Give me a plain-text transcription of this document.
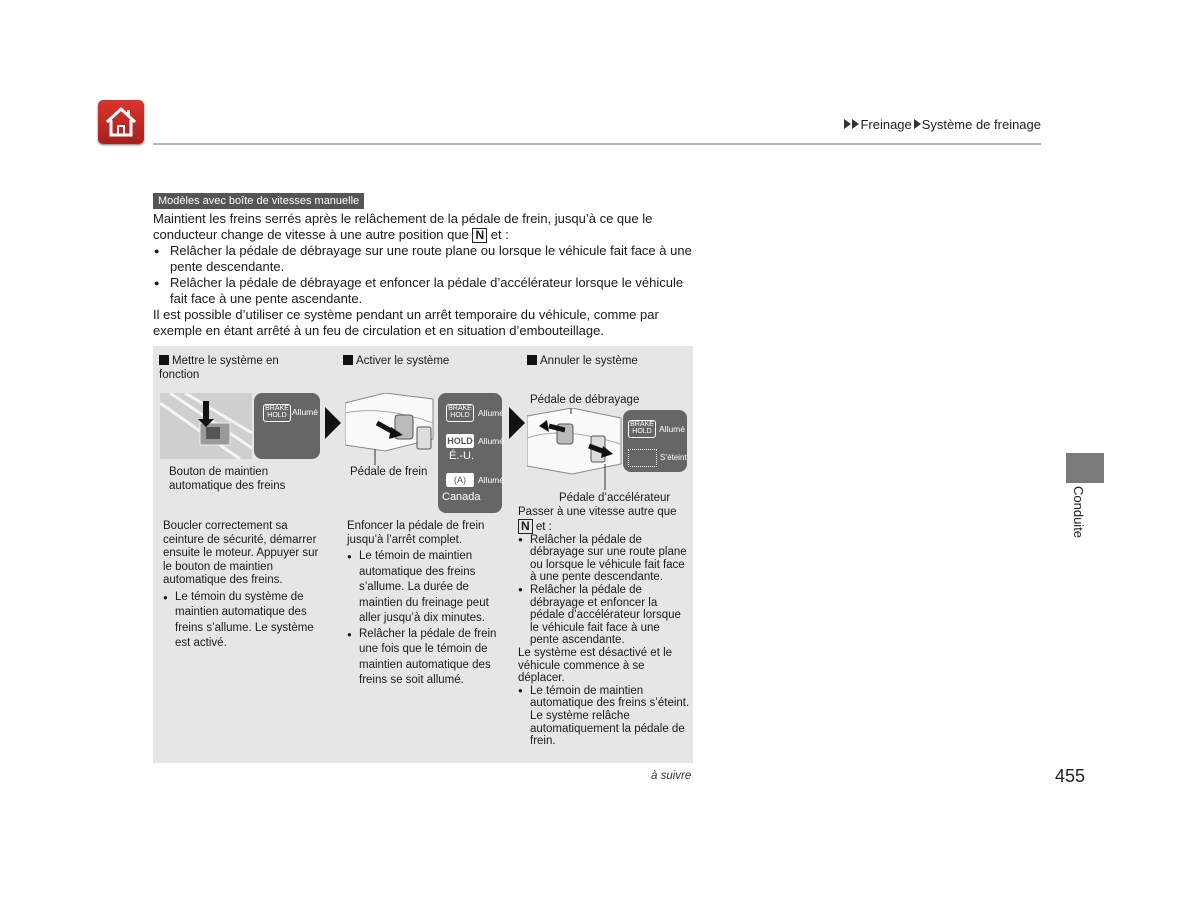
Freinage Système de freinage
Conduite
Modèles avec boîte de vitesses manuelle

Maintient les freins serrés après le relâchement de la pédale de frein, jusqu’à ce que le conducteur change de vitesse à une autre position que N et :

● Relâcher la pédale de débrayage sur une route plane ou lorsque le véhicule fait face à une pente descendante.
● Relâcher la pédale de débrayage et enfoncer la pédale d’accélérateur lorsque le véhicule fait face à une pente ascendante.

Il est possible d’utiliser ce système pendant un arrêt temporaire du véhicule, comme par exemple en étant arrêté à un feu de circulation et en situation d’embouteillage.

Mettre le système en fonction
Activer le système	Annuler le système
BRAKE HOLD Allumé
Bouton de maintien automatique des freins
BRAKE HOLD Allumé
HOLD Allumé
É.-U.
(A)	Allumé
Canada
Pédale de frein
Pédale de débrayage
BRAKE HOLD Allumé
S’éteint
Pédale d’accélérateur

Boucler correctement sa ceinture de sécurité, démarrer ensuite le moteur. Appuyer sur le bouton de maintien automatique des freins.

● Le témoin du système de maintien automatique des freins s’allume. Le système est activé.

Enfoncer la pédale de frein jusqu’à l’arrêt complet.

● Le témoin de maintien automatique des freins s’allume. La durée de maintien du freinage peut aller jusqu’à dix minutes.
● Relâcher la pédale de frein une fois que le témoin de maintien automatique des freins se soit allumé.

Passer à une vitesse autre que
N et :

● Relâcher la pédale de débrayage sur une route plane ou lorsque le véhicule fait face à une pente descendante.
● Relâcher la pédale de débrayage et enfoncer la pédale d’accélérateur lorsque le véhicule fait face à une pente ascendante.

Le système est désactivé et le véhicule commence à se déplacer.

● Le témoin de maintien automatique des freins s’éteint. Le système relâche automatiquement la pédale de frein.
à suivre	455
